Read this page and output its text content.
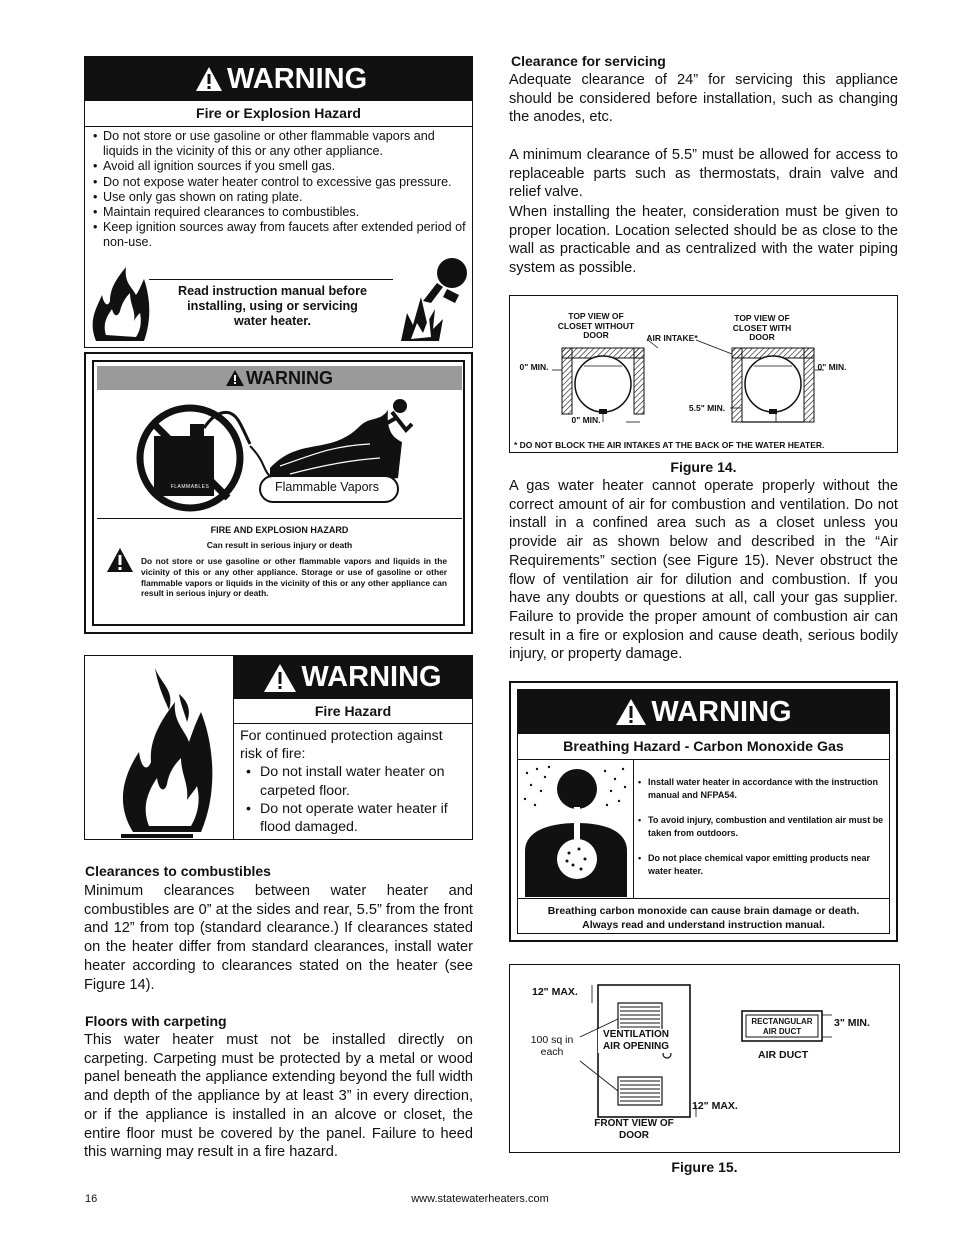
WARNING
Fire or Explosion Hazard
• Do not store or use gasoline or other flammable vapors and liquids in the vicinity of this or any other appliance.
• Avoid all ignition sources if you smell gas.
• Do not expose water heater control to excessive gas pressure.
• Use only gas shown on rating plate.
• Maintain required clearances to combustibles.
• Keep ignition sources away from faucets after extended period of non-use.
Read instruction manual before
installing, using or servicing
water heater.
WARNING
FLAMMABLES	Flammable Vapors
FIRE AND EXPLOSION HAZARD
Can result in serious injury or death
Do not store or use gasoline or other flammable vapors and liquids in the vicinity of this or any other appliance. Storage or use of gasoline or other flammable vapors or liquids in the vicinity of this or any other appliance can result in serious injury or death.
WARNING
Fire Hazard
For continued protection against risk of fire:
• Do not install water heater on carpeted floor.
• Do not operate water heater if flood damaged.
Clearances to combustibles
Minimum clearances between water heater and combustibles are 0” at the sides and rear, 5.5” from the front and 12” from top (standard clearance.) If clearances stated on the heater differ from standard clearances, install water heater according to clearances stated on the heater (see Figure 14).
Floors with carpeting
This water heater must not be installed directly on carpeting. Carpeting must be protected by a metal or wood panel beneath the appliance extending beyond the full width and depth of the appliance by at least 3” in every direction, or if the appliance is installed in an alcove or closet, the entire floor must be covered by the panel. Failure to heed this warning may result in a fire hazard.
Clearance for servicing
Adequate clearance of 24” for servicing this appliance should be considered before installation, such as changing the anodes, etc.
A minimum clearance of 5.5” must be allowed for access to replaceable parts such as thermostats, drain valve and relief valve.
When installing the heater, consideration must be given to proper location. Location selected should be as close to the wall as practicable and as centralized with the water piping system as possible.
TOP VIEW OF CLOSET WITHOUT DOOR
TOP VIEW OF CLOSET WITH DOOR
AIR INTAKE*
0" MIN.
0" MIN.
0" MIN.
5.5" MIN.
* DO NOT BLOCK THE AIR INTAKES AT THE BACK OF THE WATER HEATER.
Figure 14.
A gas water heater cannot operate properly without the correct amount of air for combustion and ventilation. Do not install in a confined area such as a closet unless you provide air as shown below and described in the “Air Requirements” section (see Figure 15). Never obstruct the flow of ventilation air for dilution and combustion. If you have any doubts or questions at all, call your gas supplier. Failure to provide the proper amount of combustion air can result in a fire or explosion and cause death, serious bodily injury, or property damage.
WARNING
Breathing Hazard - Carbon Monoxide Gas
• Install water heater in accordance with the instruction manual and NFPA54.
• To avoid injury, combustion and ventilation air must be taken from outdoors.
• Do not place chemical vapor emitting products near water heater.
Breathing carbon monoxide can cause brain damage or death.
Always read and understand instruction manual.
12" MAX.
100 sq in each
VENTILATION AIR OPENING
12" MAX.
FRONT VIEW OF DOOR
RECTANGULAR AIR DUCT
3" MIN.
AIR DUCT
Figure 15.
16	www.statewaterheaters.com
